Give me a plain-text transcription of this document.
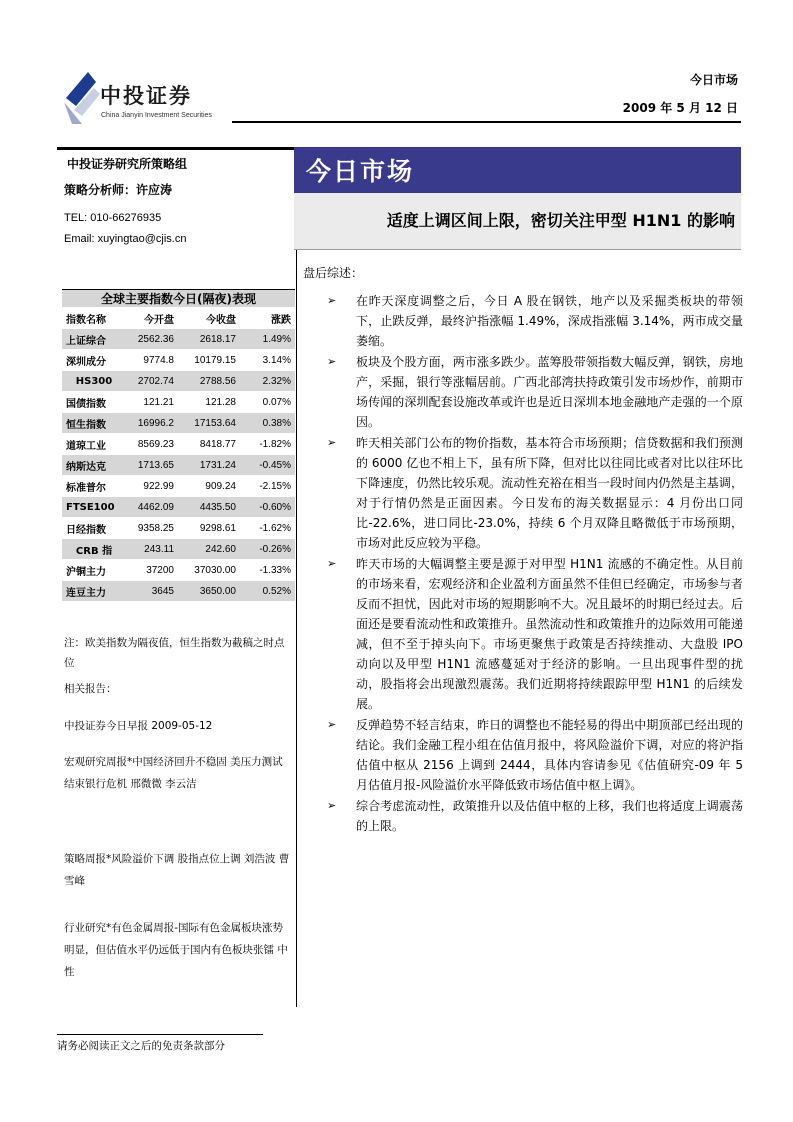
中投证券
China Jianyin Investment Securities
今日市场
2009 年 5 月 12 日
中投证券研究所策略组
策略分析师：许应涛
TEL: 010-66276935
Email: xuyingtao@cjis.cn
全球主要指数今日(隔夜)表现
指数名称	今开盘	今收盘	涨跌
上证综合	2562.36	2618.17	1.49%
深圳成分	9774.8	10179.15	3.14%
HS300	2702.74	2788.56	2.32%
国债指数	121.21	121.28	0.07%
恒生指数	16996.2	17153.64	0.38%
道琼工业	8569.23	8418.77	-1.82%
纳斯达克	1713.65	1731.24	-0.45%
标准普尔	922.99	909.24	-2.15%
FTSE100	4462.09	4435.50	-0.60%
日经指数	9358.25	9298.61	-1.62%
CRB 指	243.11	242.60	-0.26%
沪铜主力	37200	37030.00	-1.33%
连豆主力	3645	3650.00	0.52%
注：欧美指数为隔夜值，恒生指数为截稿之时点位
相关报告：
中投证券今日早报 2009-05-12
宏观研究周报*中国经济回升不稳固 美压力测试结束银行危机 邢微微 李云洁
策略周报*风险溢价下调 股指点位上调 刘浩波 曹雪峰
行业研究*有色金属周报-国际有色金属板块涨势明显，但估值水平仍远低于国内有色板块张镭 中性
今日市场
适度上调区间上限，密切关注甲型 H1N1 的影响
盘后综述：
➢ 在昨天深度调整之后，今日 A 股在钢铁，地产以及采掘类板块的带领下，止跌反弹，最终沪指涨幅 1.49%，深成指涨幅 3.14%，两市成交量萎缩。

➢ 板块及个股方面，两市涨多跌少。蓝筹股带领指数大幅反弹，钢铁，房地产，采掘，银行等涨幅居前。广西北部湾扶持政策引发市场炒作，前期市场传闻的深圳配套设施改革或许也是近日深圳本地金融地产走强的一个原因。

➢ 昨天相关部门公布的物价指数，基本符合市场预期；信贷数据和我们预测的 6000 亿也不相上下，虽有所下降，但对比以往同比或者对比以往环比下降速度，仍然比较乐观。流动性充裕在相当一段时间内仍然是主基调，对于行情仍然是正面因素。今日发布的海关数据显示：4 月份出口同比-22.6%，进口同比-23.0%，持续 6 个月双降且略微低于市场预期，市场对此反应较为平稳。

➢ 昨天市场的大幅调整主要是源于对甲型 H1N1 流感的不确定性。从目前的市场来看，宏观经济和企业盈利方面虽然不佳但已经确定，市场参与者反而不担忧，因此对市场的短期影响不大。况且最坏的时期已经过去。后面还是要看流动性和政策推升。虽然流动性和政策推升的边际效用可能递减，但不至于掉头向下。市场更聚焦于政策是否持续推动、大盘股 IPO 动向以及甲型 H1N1 流感蔓延对于经济的影响。一旦出现事件型的扰动，股指将会出现激烈震荡。我们近期将持续跟踪甲型 H1N1 的后续发展。

➢ 反弹趋势不轻言结束，昨日的调整也不能轻易的得出中期顶部已经出现的结论。我们金融工程小组在估值月报中，将风险溢价下调，对应的将沪指估值中枢从 2156 上调到 2444，具体内容请参见《估值研究-09 年 5 月估值月报-风险溢价水平降低致市场估值中枢上调》。

➢ 综合考虑流动性，政策推升以及估值中枢的上移，我们也将适度上调震荡的上限。

请务必阅读正文之后的免责条款部分
